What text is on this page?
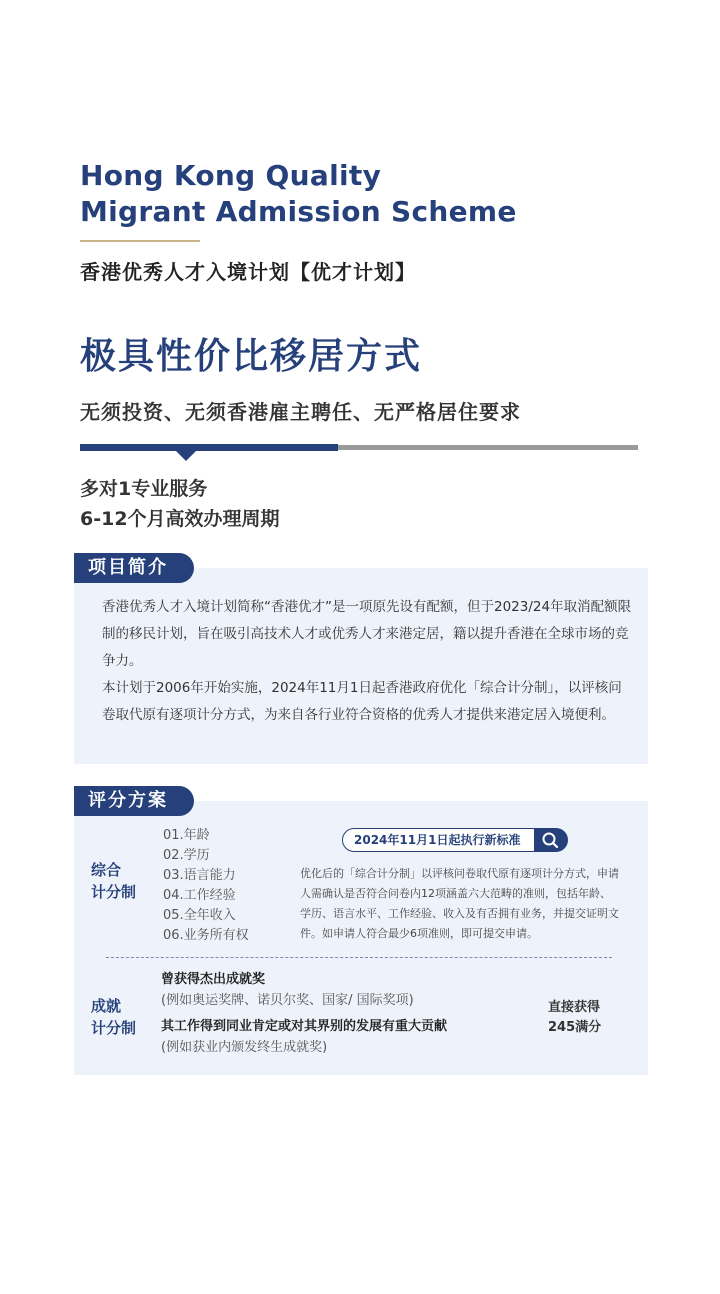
Hong Kong Quality
Migrant Admission Scheme
香港优秀人才入境计划【优才计划】
极具性价比移居方式
无须投资、无须香港雇主聘任、无严格居住要求
多对1专业服务
6-12个月高效办理周期
项目简介

香港优秀人才入境计划简称“香港优才”是一项原先设有配额，但于2023/24年取消配额限制的移民计划，旨在吸引高技术人才或优秀人才来港定居，籍以提升香港在全球市场的竞争力。

本计划于2006年开始实施，2024年11月1日起香港政府优化「综合计分制」，以评核问卷取代原有逐项计分方式，为来自各行业符合资格的优秀人才提供来港定居入境便利。

评分方案
综合
计分制
01.年龄
02.学历
03.语言能力
04.工作经验
05.全年收入
06.业务所有权
2024年11月1日起执行新标准
优化后的「综合计分制」以评核问卷取代原有逐项计分方式，申请人需确认是否符合问卷内12项涵盖六大范畴的准则，包括年龄、学历、语言水平、工作经验、收入及有否拥有业务，并提交证明文件。如申请人符合最少6项准则，即可提交申请。
成就
计分制
曾获得杰出成就奖
(例如奥运奖牌、诺贝尔奖、国家/ 国际奖项)
其工作得到同业肯定或对其界别的发展有重大贡献
(例如获业内颁发终生成就奖)
直接获得
245满分
